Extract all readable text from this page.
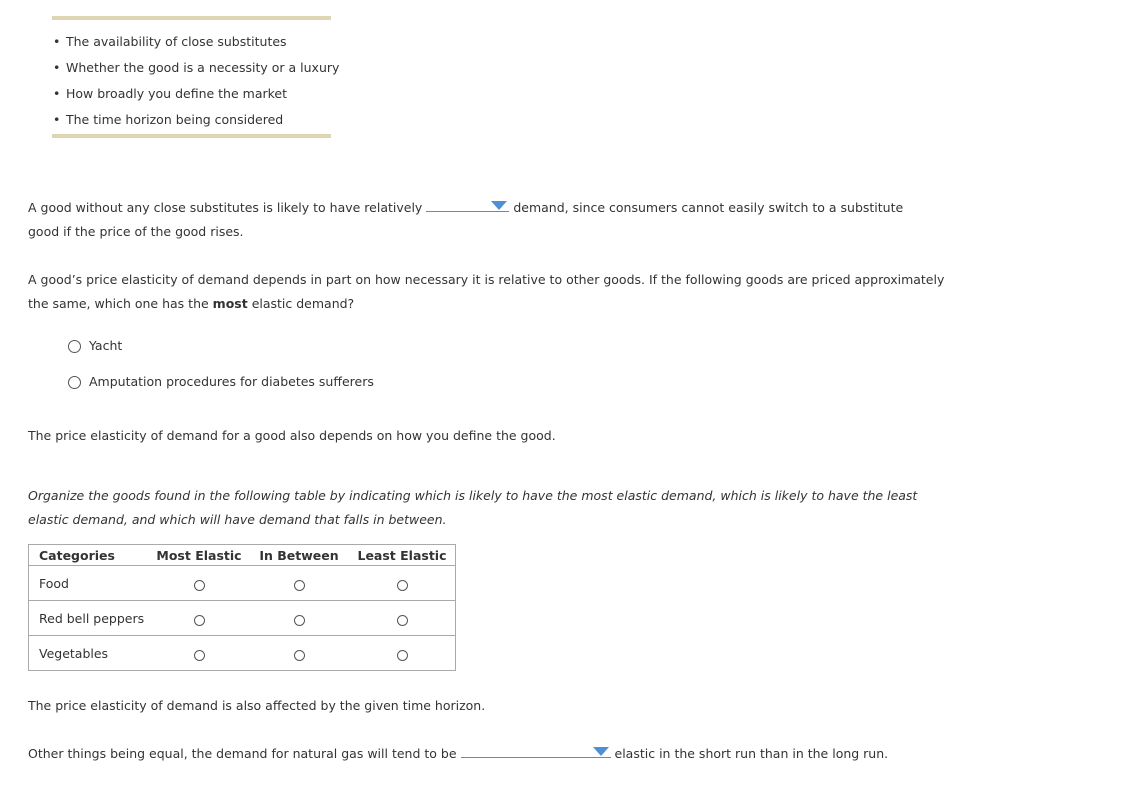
• The availability of close substitutes
• Whether the good is a necessity or a luxury
• How broadly you define the market
• The time horizon being considered

A good without any close substitutes is likely to have relatively	demand, since consumers cannot easily switch to a substitute good if the price of the good rises.

A good’s price elasticity of demand depends in part on how necessary it is relative to other goods. If the following goods are priced approximately the same, which one has the most elastic demand?

Yacht
Amputation procedures for diabetes sufferers

The price elasticity of demand for a good also depends on how you define the good.

Organize the goods found in the following table by indicating which is likely to have the most elastic demand, which is likely to have the least elastic demand, and which will have demand that falls in between.

Categories	Most Elastic	In Between	Least Elastic
Food			
Red bell peppers			
Vegetables			

The price elasticity of demand is also affected by the given time horizon.

Other things being equal, the demand for natural gas will tend to be	elastic in the short run than in the long run.
